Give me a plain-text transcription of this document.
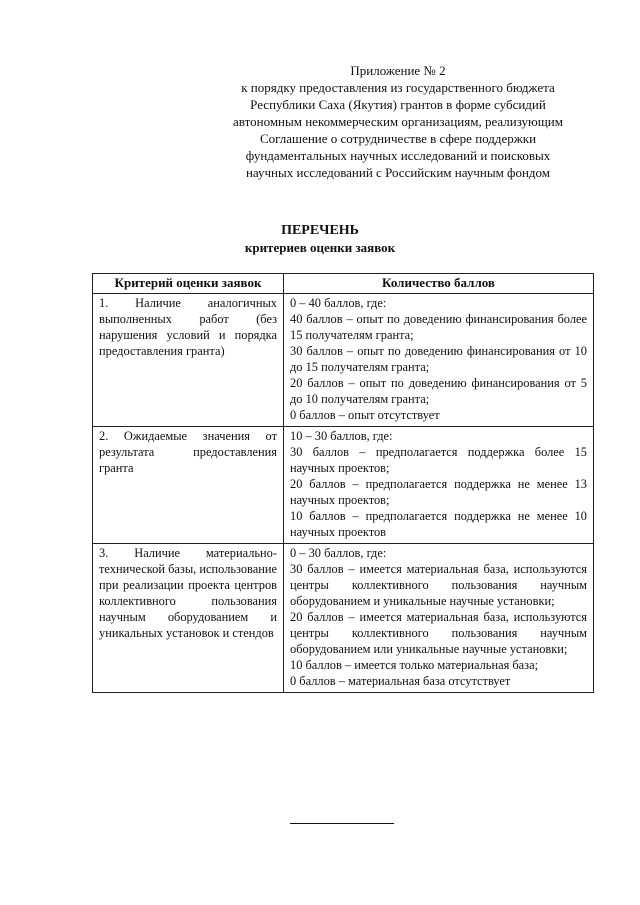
Приложение № 2
к порядку предоставления из государственного бюджета
Республики Саха (Якутия) грантов в форме субсидий
автономным некоммерческим организациям, реализующим
Соглашение о сотрудничестве в сфере поддержки
фундаментальных научных исследований и поисковых
научных исследований с Российским научным фондом
ПЕРЕЧЕНЬ
критериев оценки заявок
Критерий оценки заявок	Количество баллов
1. Наличие аналогичных выполненных работ (без нарушения условий и порядка предоставления гранта)	0 – 40 баллов, где:
40 баллов – опыт по доведению финансирования более 15 получателям гранта;
30 баллов – опыт по доведению финансирования от 10 до 15 получателям гранта;
20 баллов – опыт по доведению финансирования от 5 до 10 получателям гранта;
0 баллов – опыт отсутствует

2. Ожидаемые значения от результата предоставления гранта	10 – 30 баллов, где:
30 баллов – предполагается поддержка более 15 научных проектов;
20 баллов – предполагается поддержка не менее 13 научных проектов;
10 баллов – предполагается поддержка не менее 10 научных проектов

3. Наличие материально-технической базы, использование при реализации проекта центров коллективного пользования научным оборудованием и уникальных установок и стендов	0 – 30 баллов, где:
30 баллов – имеется материальная база, используются центры коллективного пользования научным оборудованием и уникальные научные установки;
20 баллов – имеется материальная база, используются центры коллективного пользования научным оборудованием или уникальные научные установки;
10 баллов – имеется только материальная база;
0 баллов – материальная база отсутствует
